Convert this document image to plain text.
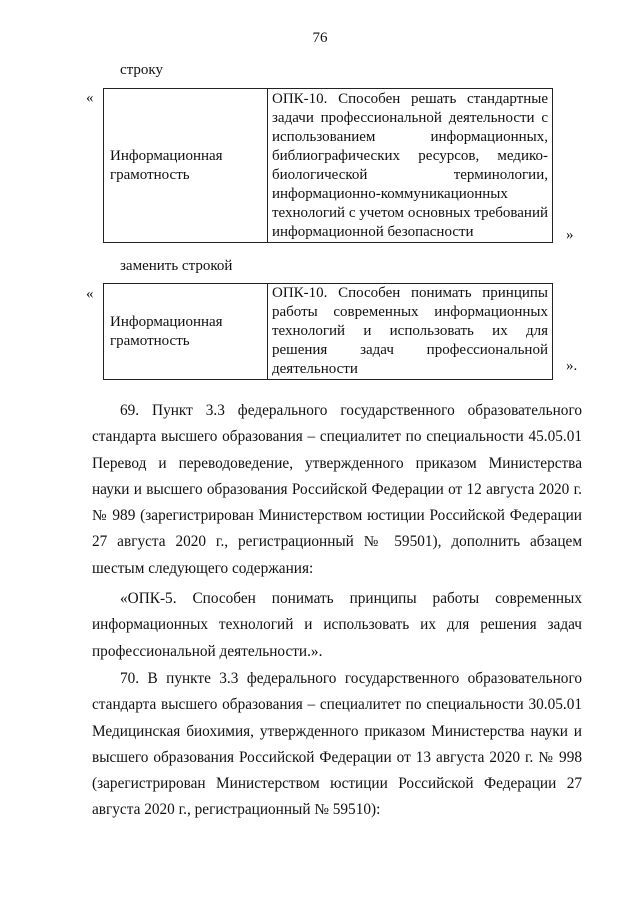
76
строку
«
Информационная грамотность	ОПК-10. Способен решать стандартные задачи профессиональной деятельности с использованием информационных, библиографических ресурсов, медико-биологической терминологии, информационно-коммуникационных технологий с учетом основных требований информационной безопасности	»
заменить строкой
«
Информационная грамотность	ОПК-10. Способен понимать принципы работы современных информационных технологий и использовать их для решения задач профессиональной деятельности	».
69. Пункт 3.3 федерального государственного образовательного стандарта высшего образования – специалитет по специальности 45.05.01 Перевод и переводоведение, утвержденного приказом Министерства науки и высшего образования Российской Федерации от 12 августа 2020 г. № 989 (зарегистрирован Министерством юстиции Российской Федерации 27 августа 2020 г., регистрационный № 59501), дополнить абзацем шестым следующего содержания:
«ОПК-5. Способен понимать принципы работы современных информационных технологий и использовать их для решения задач профессиональной деятельности.».
70. В пункте 3.3 федерального государственного образовательного стандарта высшего образования – специалитет по специальности 30.05.01 Медицинская биохимия, утвержденного приказом Министерства науки и высшего образования Российской Федерации от 13 августа 2020 г. № 998 (зарегистрирован Министерством юстиции Российской Федерации 27 августа 2020 г., регистрационный № 59510):
